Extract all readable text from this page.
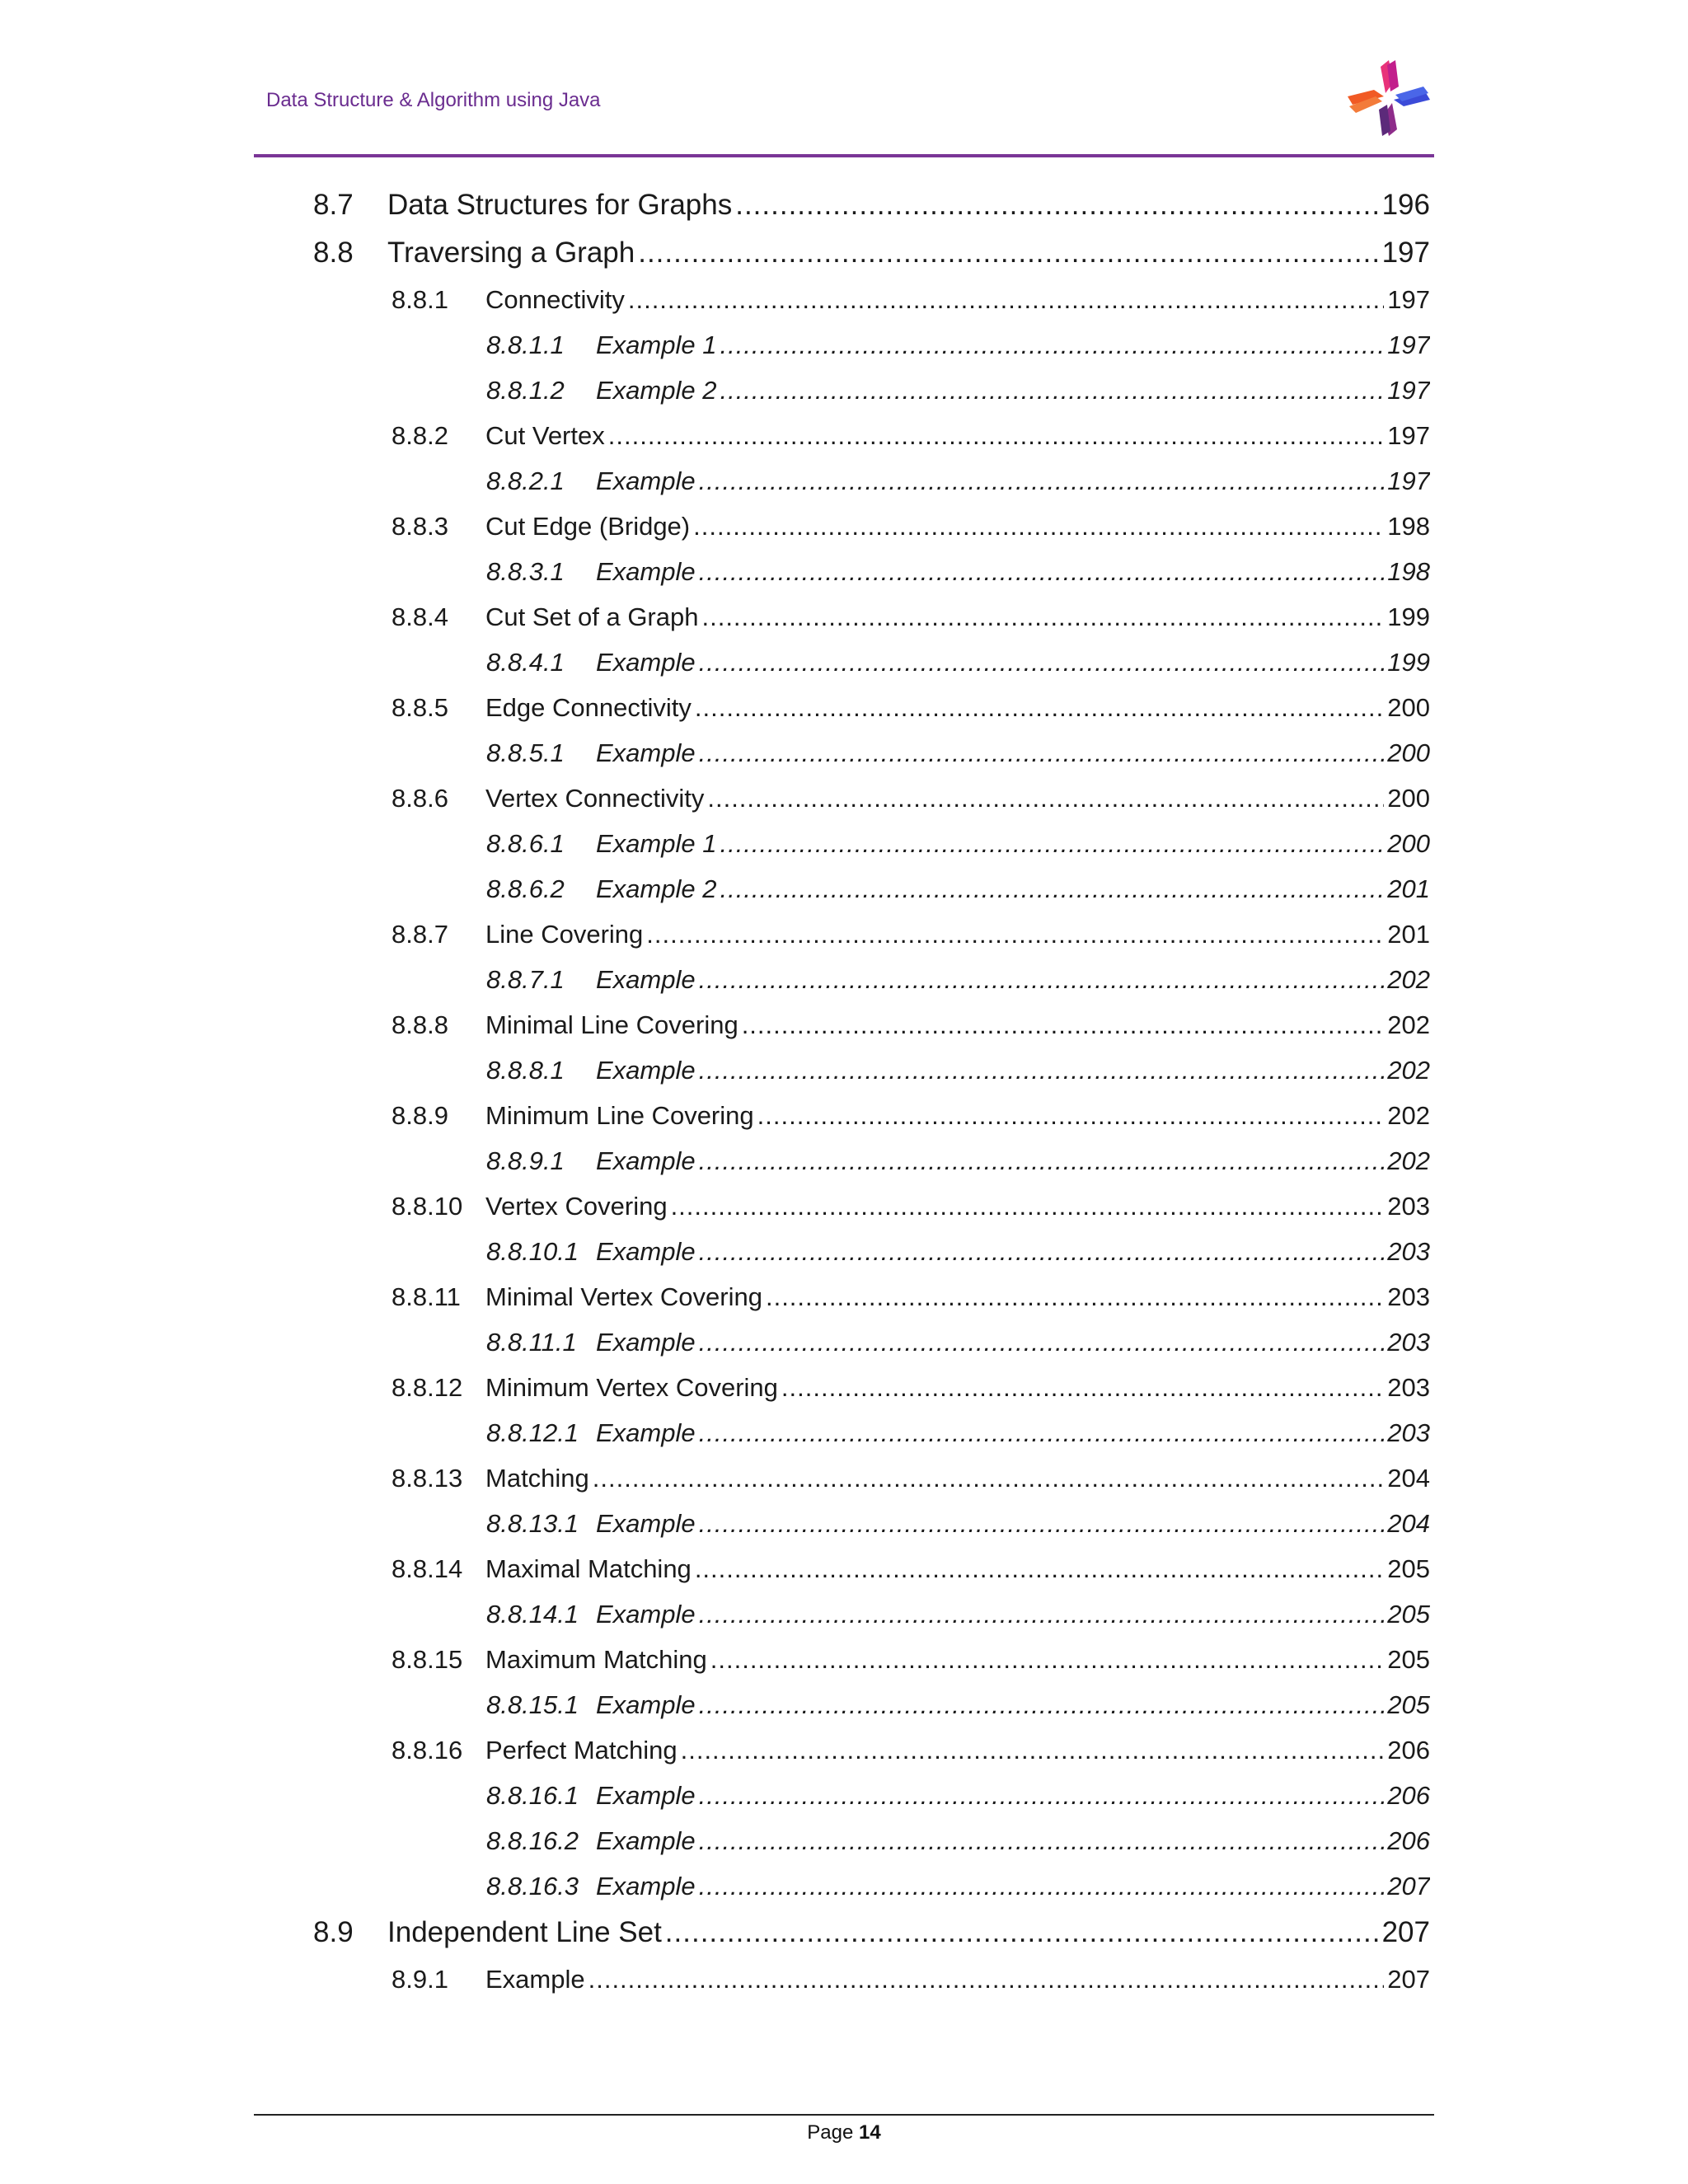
Data Structure & Algorithm using Java
8.7	Data Structures for Graphs .....	196
8.8	Traversing a Graph .....	197
8.8.1	Connectivity .....	197
8.8.1.1	Example 1 .....	197
8.8.1.2	Example 2 .....	197
8.8.2	Cut Vertex .....	197
8.8.2.1	Example .....	197
8.8.3	Cut Edge (Bridge) .....	198
8.8.3.1	Example .....	198
8.8.4	Cut Set of a Graph .....	199
8.8.4.1	Example .....	199
8.8.5	Edge Connectivity .....	200
8.8.5.1	Example .....	200
8.8.6	Vertex Connectivity .....	200
8.8.6.1	Example 1 .....	200
8.8.6.2	Example 2 .....	201
8.8.7	Line Covering .....	201
8.8.7.1	Example .....	202
8.8.8	Minimal Line Covering .....	202
8.8.8.1	Example .....	202
8.8.9	Minimum Line Covering .....	202
8.8.9.1	Example .....	202
8.8.10 Vertex Covering .....	203
8.8.10.1 Example .....	203
8.8.11 Minimal Vertex Covering .....	203
8.8.11.1 Example .....	203
8.8.12 Minimum Vertex Covering .....	203
8.8.12.1 Example .....	203
8.8.13 Matching .....	204
8.8.13.1 Example .....	204
8.8.14 Maximal Matching .....	205
8.8.14.1 Example .....	205
8.8.15 Maximum Matching .....	205
8.8.15.1 Example .....	205
8.8.16 Perfect Matching .....	206
8.8.16.1 Example .....	206
8.8.16.2 Example .....	206
8.8.16.3 Example .....	207
8.9	Independent Line Set .....	207
8.9.1	Example .....	207
Page 14
